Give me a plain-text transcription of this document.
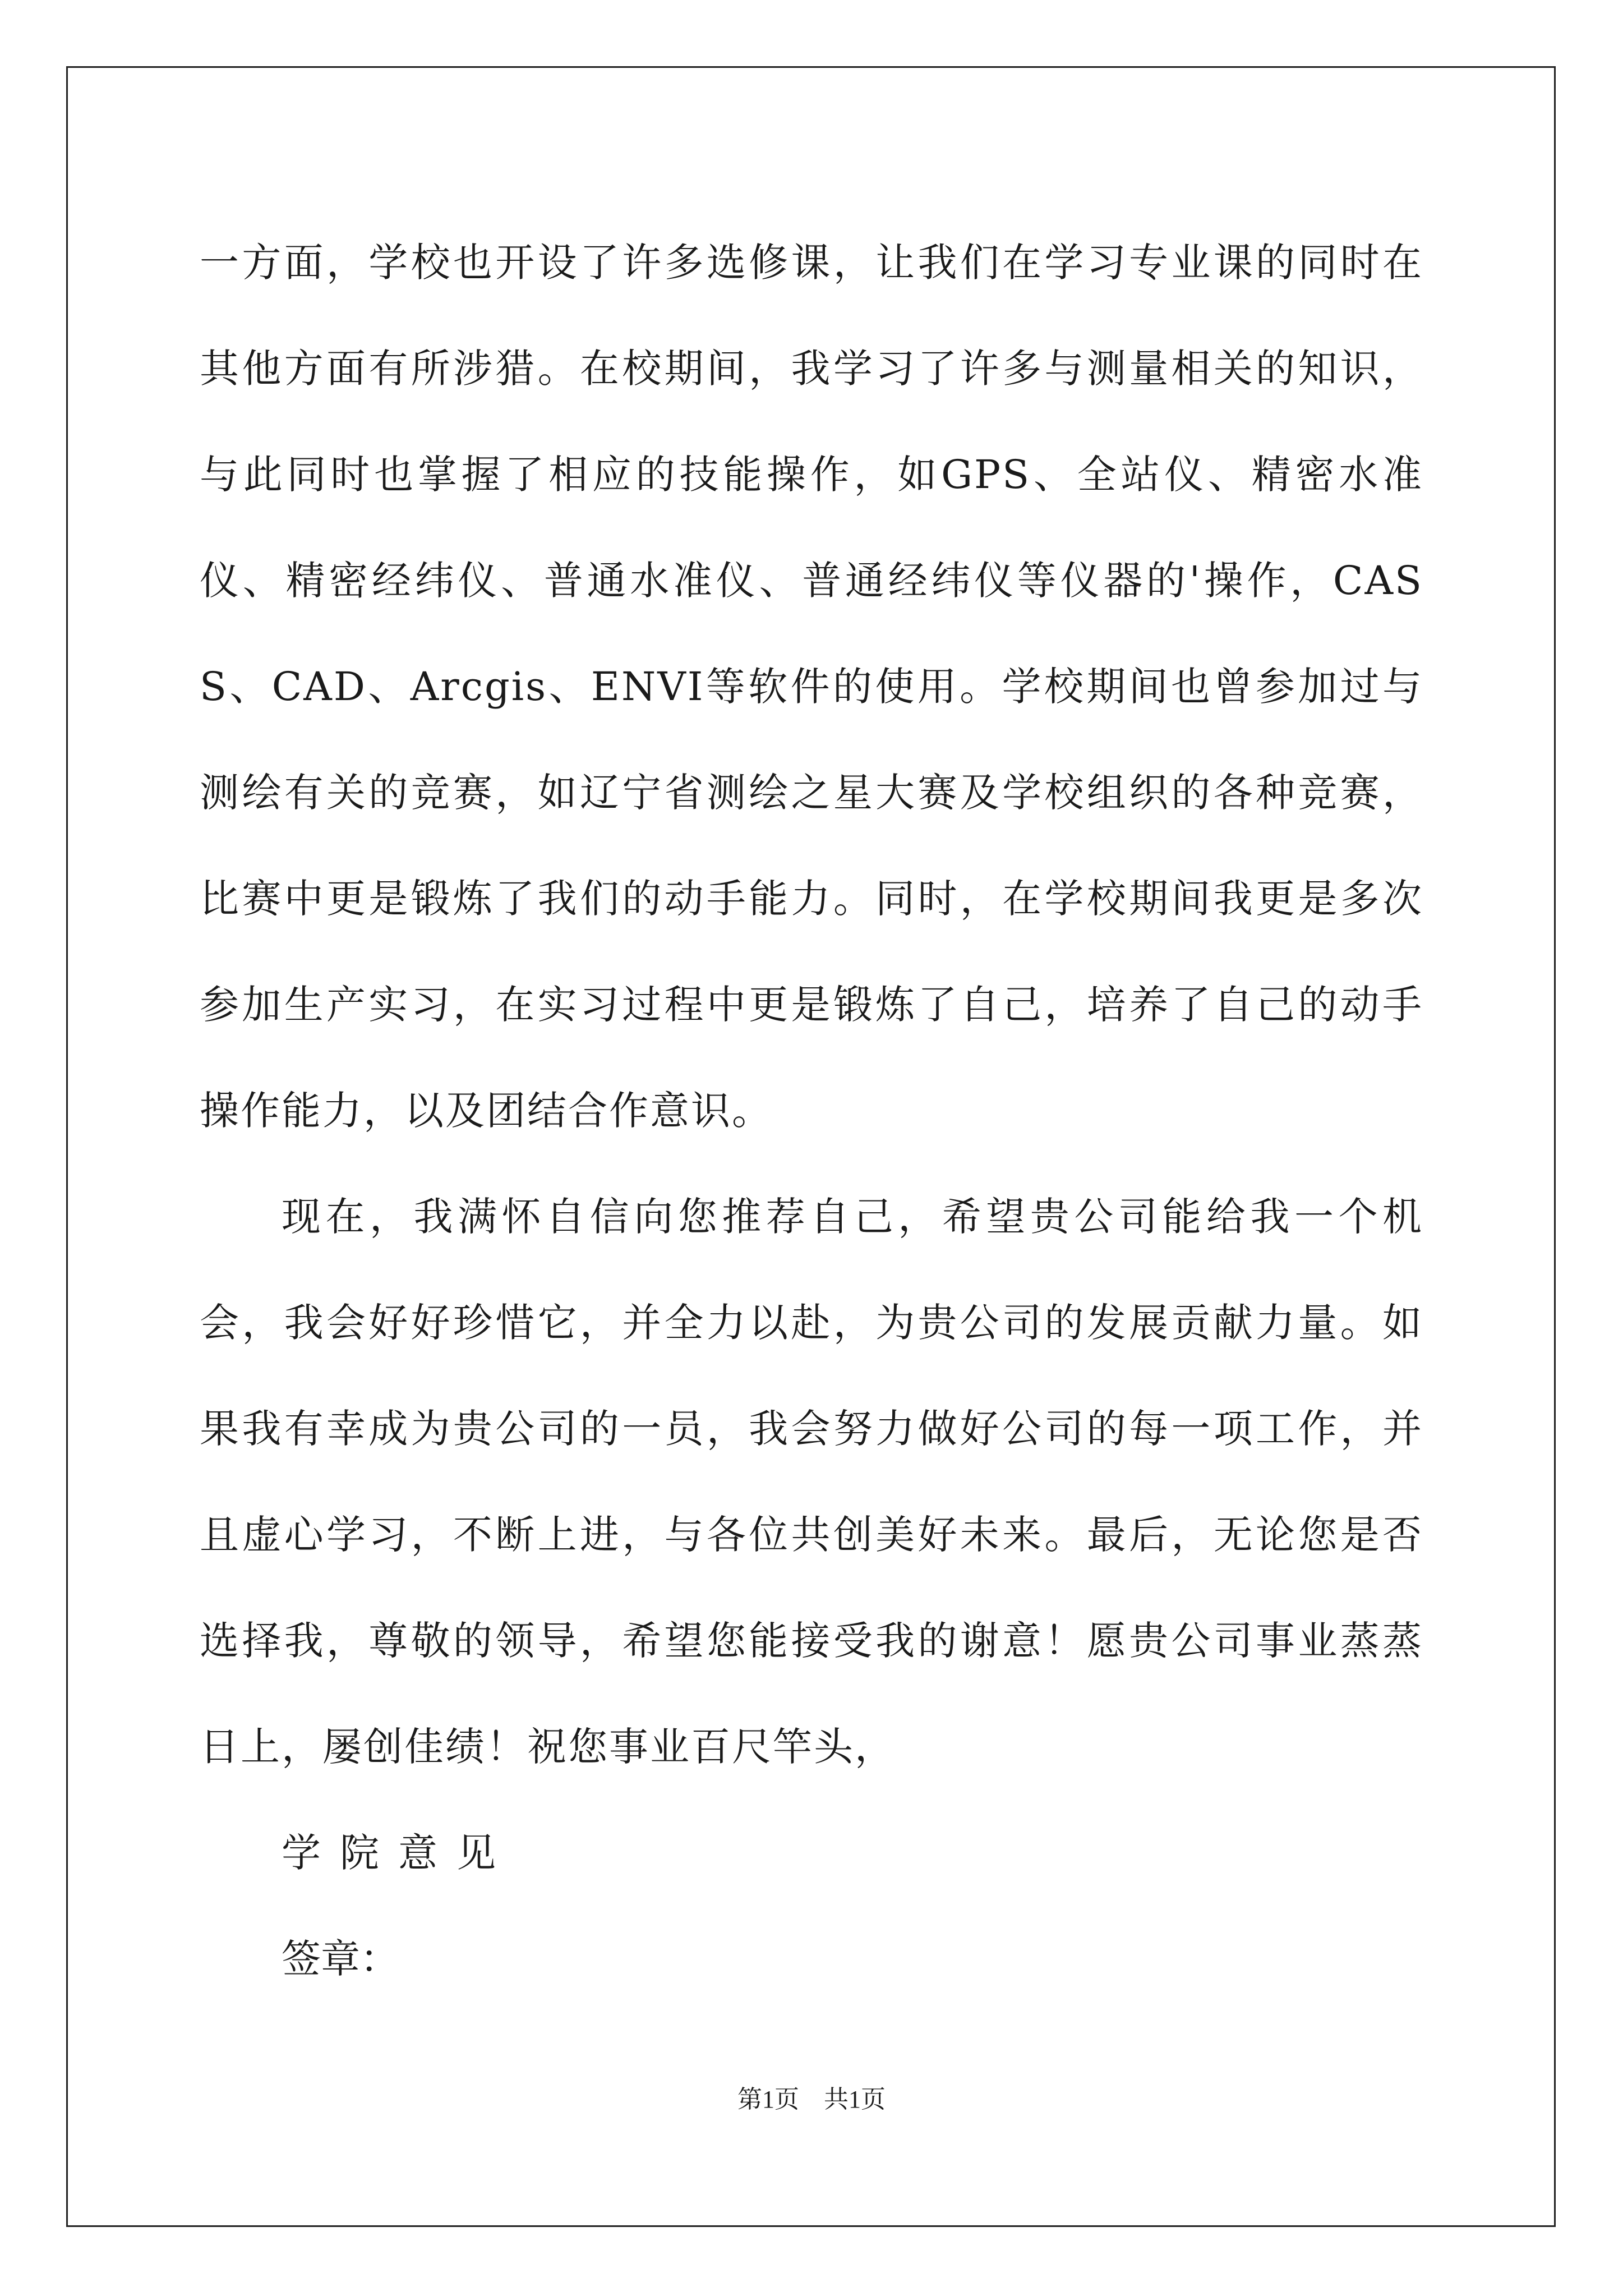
一方面，学校也开设了许多选修课，让我们在学习专业课的同时在其他方面有所涉猎。在校期间，我学习了许多与测量相关的知识，与此同时也掌握了相应的技能操作，如GPS、全站仪、精密水准仪、精密经纬仪、普通水准仪、普通经纬仪等仪器的'操作，CASS、CAD、Arcgis、ENVI等软件的使用。学校期间也曾参加过与测绘有关的竞赛，如辽宁省测绘之星大赛及学校组织的各种竞赛，比赛中更是锻炼了我们的动手能力。同时，在学校期间我更是多次参加生产实习，在实习过程中更是锻炼了自己，培养了自己的动手操作能力，以及团结合作意识。

现在，我满怀自信向您推荐自己，希望贵公司能给我一个机会，我会好好珍惜它，并全力以赴，为贵公司的发展贡献力量。如果我有幸成为贵公司的一员，我会努力做好公司的每一项工作，并且虚心学习，不断上进，与各位共创美好未来。最后，无论您是否选择我，尊敬的领导，希望您能接受我的谢意！愿贵公司事业蒸蒸日上，屡创佳绩！祝您事业百尺竿头，

学院意见

签章：

第1页　共1页
